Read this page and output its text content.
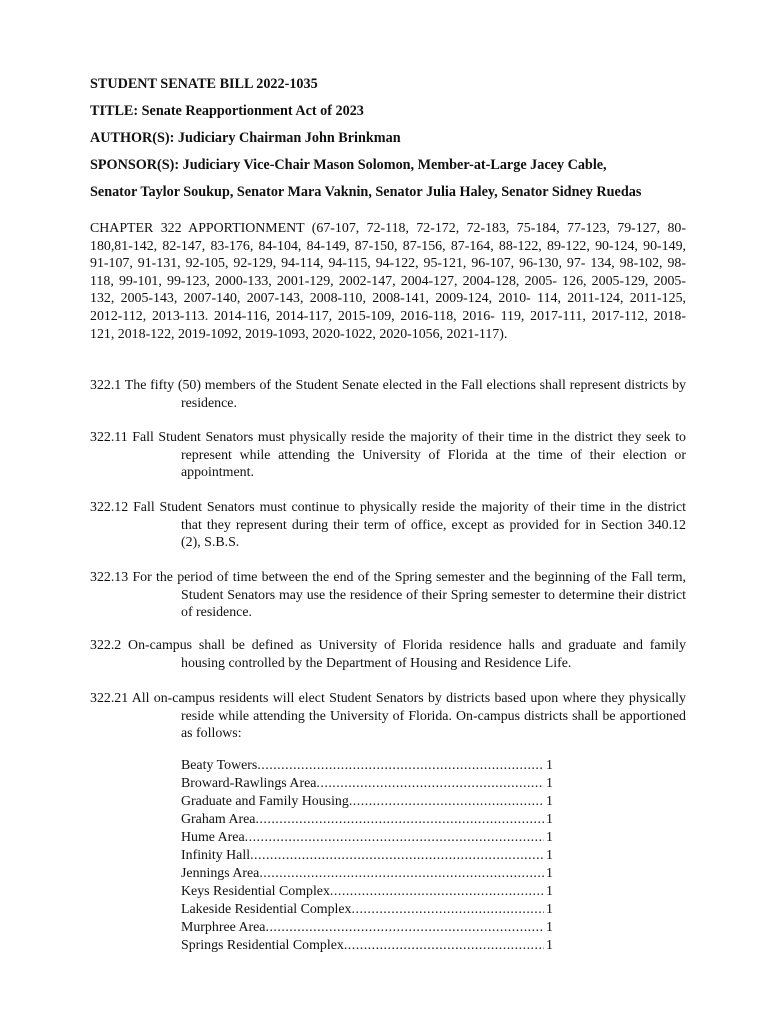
STUDENT SENATE BILL 2022-1035
TITLE: Senate Reapportionment Act of 2023
AUTHOR(S): Judiciary Chairman John Brinkman
SPONSOR(S): Judiciary Vice-Chair Mason Solomon, Member-at-Large Jacey Cable,
Senator Taylor Soukup, Senator Mara Vaknin, Senator Julia Haley, Senator Sidney Ruedas
CHAPTER 322 APPORTIONMENT (67-107, 72-118, 72-172, 72-183, 75-184, 77-123, 79-127, 80-180,81-142, 82-147, 83-176, 84-104, 84-149, 87-150, 87-156, 87-164, 88-122, 89-122, 90-124, 90-149, 91-107, 91-131, 92-105, 92-129, 94-114, 94-115, 94-122, 95-121, 96-107, 96-130, 97- 134, 98-102, 98-118, 99-101, 99-123, 2000-133, 2001-129, 2002-147, 2004-127, 2004-128, 2005- 126, 2005-129, 2005-132, 2005-143, 2007-140, 2007-143, 2008-110, 2008-141, 2009-124, 2010- 114, 2011-124, 2011-125, 2012-112, 2013-113. 2014-116, 2014-117, 2015-109, 2016-118, 2016- 119, 2017-111, 2017-112, 2018-121, 2018-122, 2019-1092, 2019-1093, 2020-1022, 2020-1056, 2021-117).
322.1 The fifty (50) members of the Student Senate elected in the Fall elections shall represent districts by residence.
322.11 Fall Student Senators must physically reside the majority of their time in the district they seek to represent while attending the University of Florida at the time of their election or appointment.
322.12 Fall Student Senators must continue to physically reside the majority of their time in the district that they represent during their term of office, except as provided for in Section 340.12 (2), S.B.S.
322.13 For the period of time between the end of the Spring semester and the beginning of the Fall term, Student Senators may use the residence of their Spring semester to determine their district of residence.
322.2 On-campus shall be defined as University of Florida residence halls and graduate and family housing controlled by the Department of Housing and Residence Life.
322.21 All on-campus residents will elect Student Senators by districts based upon where they physically reside while attending the University of Florida. On-campus districts shall be apportioned as follows:
Beaty Towers .....	1
Broward-Rawlings Area .....	1
Graduate and Family Housing .....	1
Graham Area .....	1
Hume Area .....	1
Infinity Hall .....	1
Jennings Area .....	1
Keys Residential Complex .....	1
Lakeside Residential Complex .....	1
Murphree Area .....	1
Springs Residential Complex .....	1
